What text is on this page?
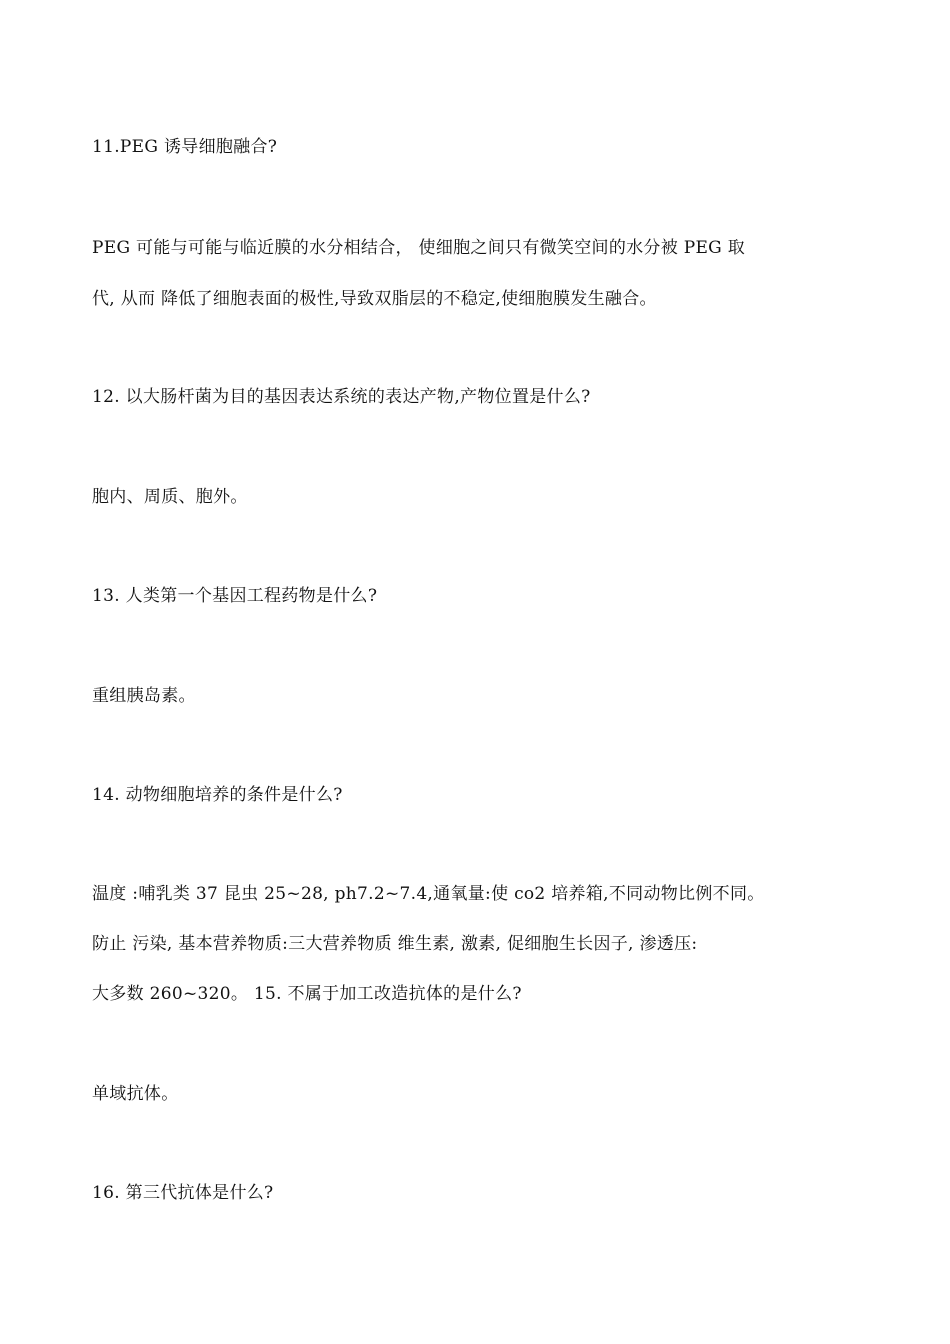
11.PEG 诱导细胞融合?
PEG 可能与可能与临近膜的水分相结合， 使细胞之间只有微笑空间的水分被 PEG 取
代, 从而 降低了细胞表面的极性,导致双脂层的不稳定,使细胞膜发生融合。
12. 以大肠杆菌为目的基因表达系统的表达产物,产物位置是什么?
胞内、周质、胞外。
13. 人类第一个基因工程药物是什么?
重组胰岛素。
14. 动物细胞培养的条件是什么?
温度 :哺乳类 37 昆虫 25~28, ph7.2~7.4,通氧量:使 co2 培养箱,不同动物比例不同。
防止 污染, 基本营养物质:三大营养物质 维生素, 激素, 促细胞生长因子, 渗透压:
大多数 260~320。 15. 不属于加工改造抗体的是什么?
单域抗体。
16. 第三代抗体是什么?
